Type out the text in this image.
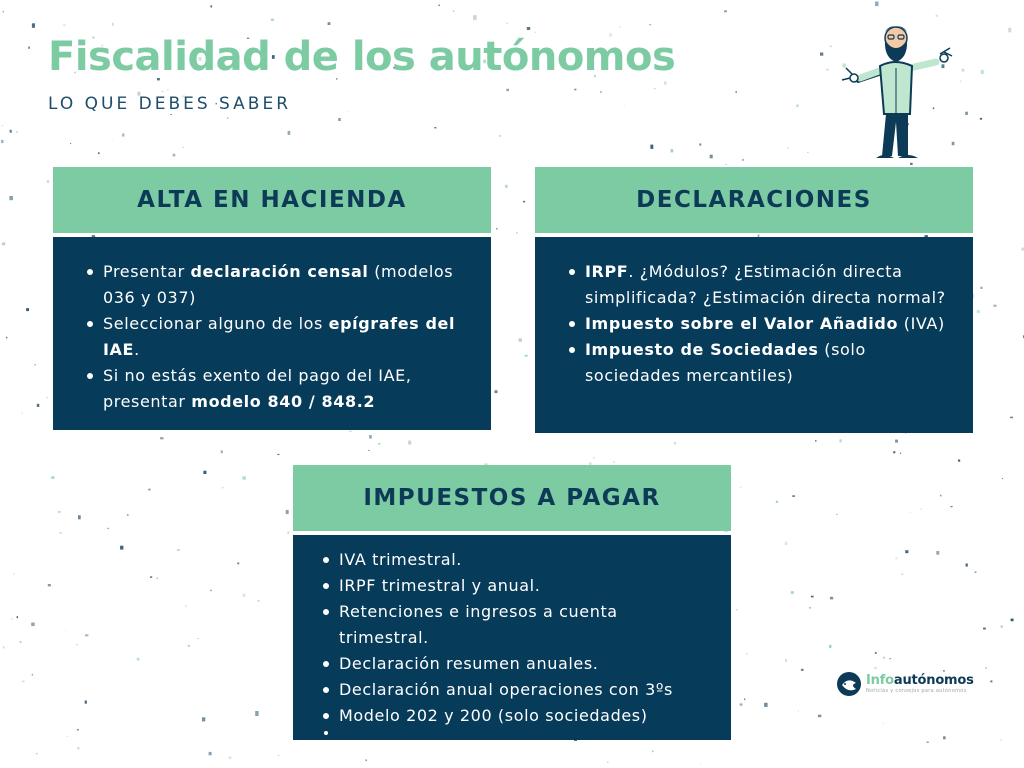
Fiscalidad de los autónomos
LO QUE DEBES SABER
ALTA EN HACIENDA
Presentar declaración censal (modelos 036 y 037)
Seleccionar alguno de los epígrafes del IAE.
Si no estás exento del pago del IAE, presentar modelo 840 / 848.2
DECLARACIONES
IRPF. ¿Módulos? ¿Estimación directa simplificada? ¿Estimación directa normal?
Impuesto sobre el Valor Añadido (IVA)
Impuesto de Sociedades (solo sociedades mercantiles)
IMPUESTOS A PAGAR
IVA trimestral.
IRPF trimestral y anual.
Retenciones e ingresos a cuenta trimestral.
Declaración resumen anuales.
Declaración anual operaciones con 3ºs
Modelo 202 y 200 (solo sociedades)
Infoautónomos
Noticias y consejos para autónomos
